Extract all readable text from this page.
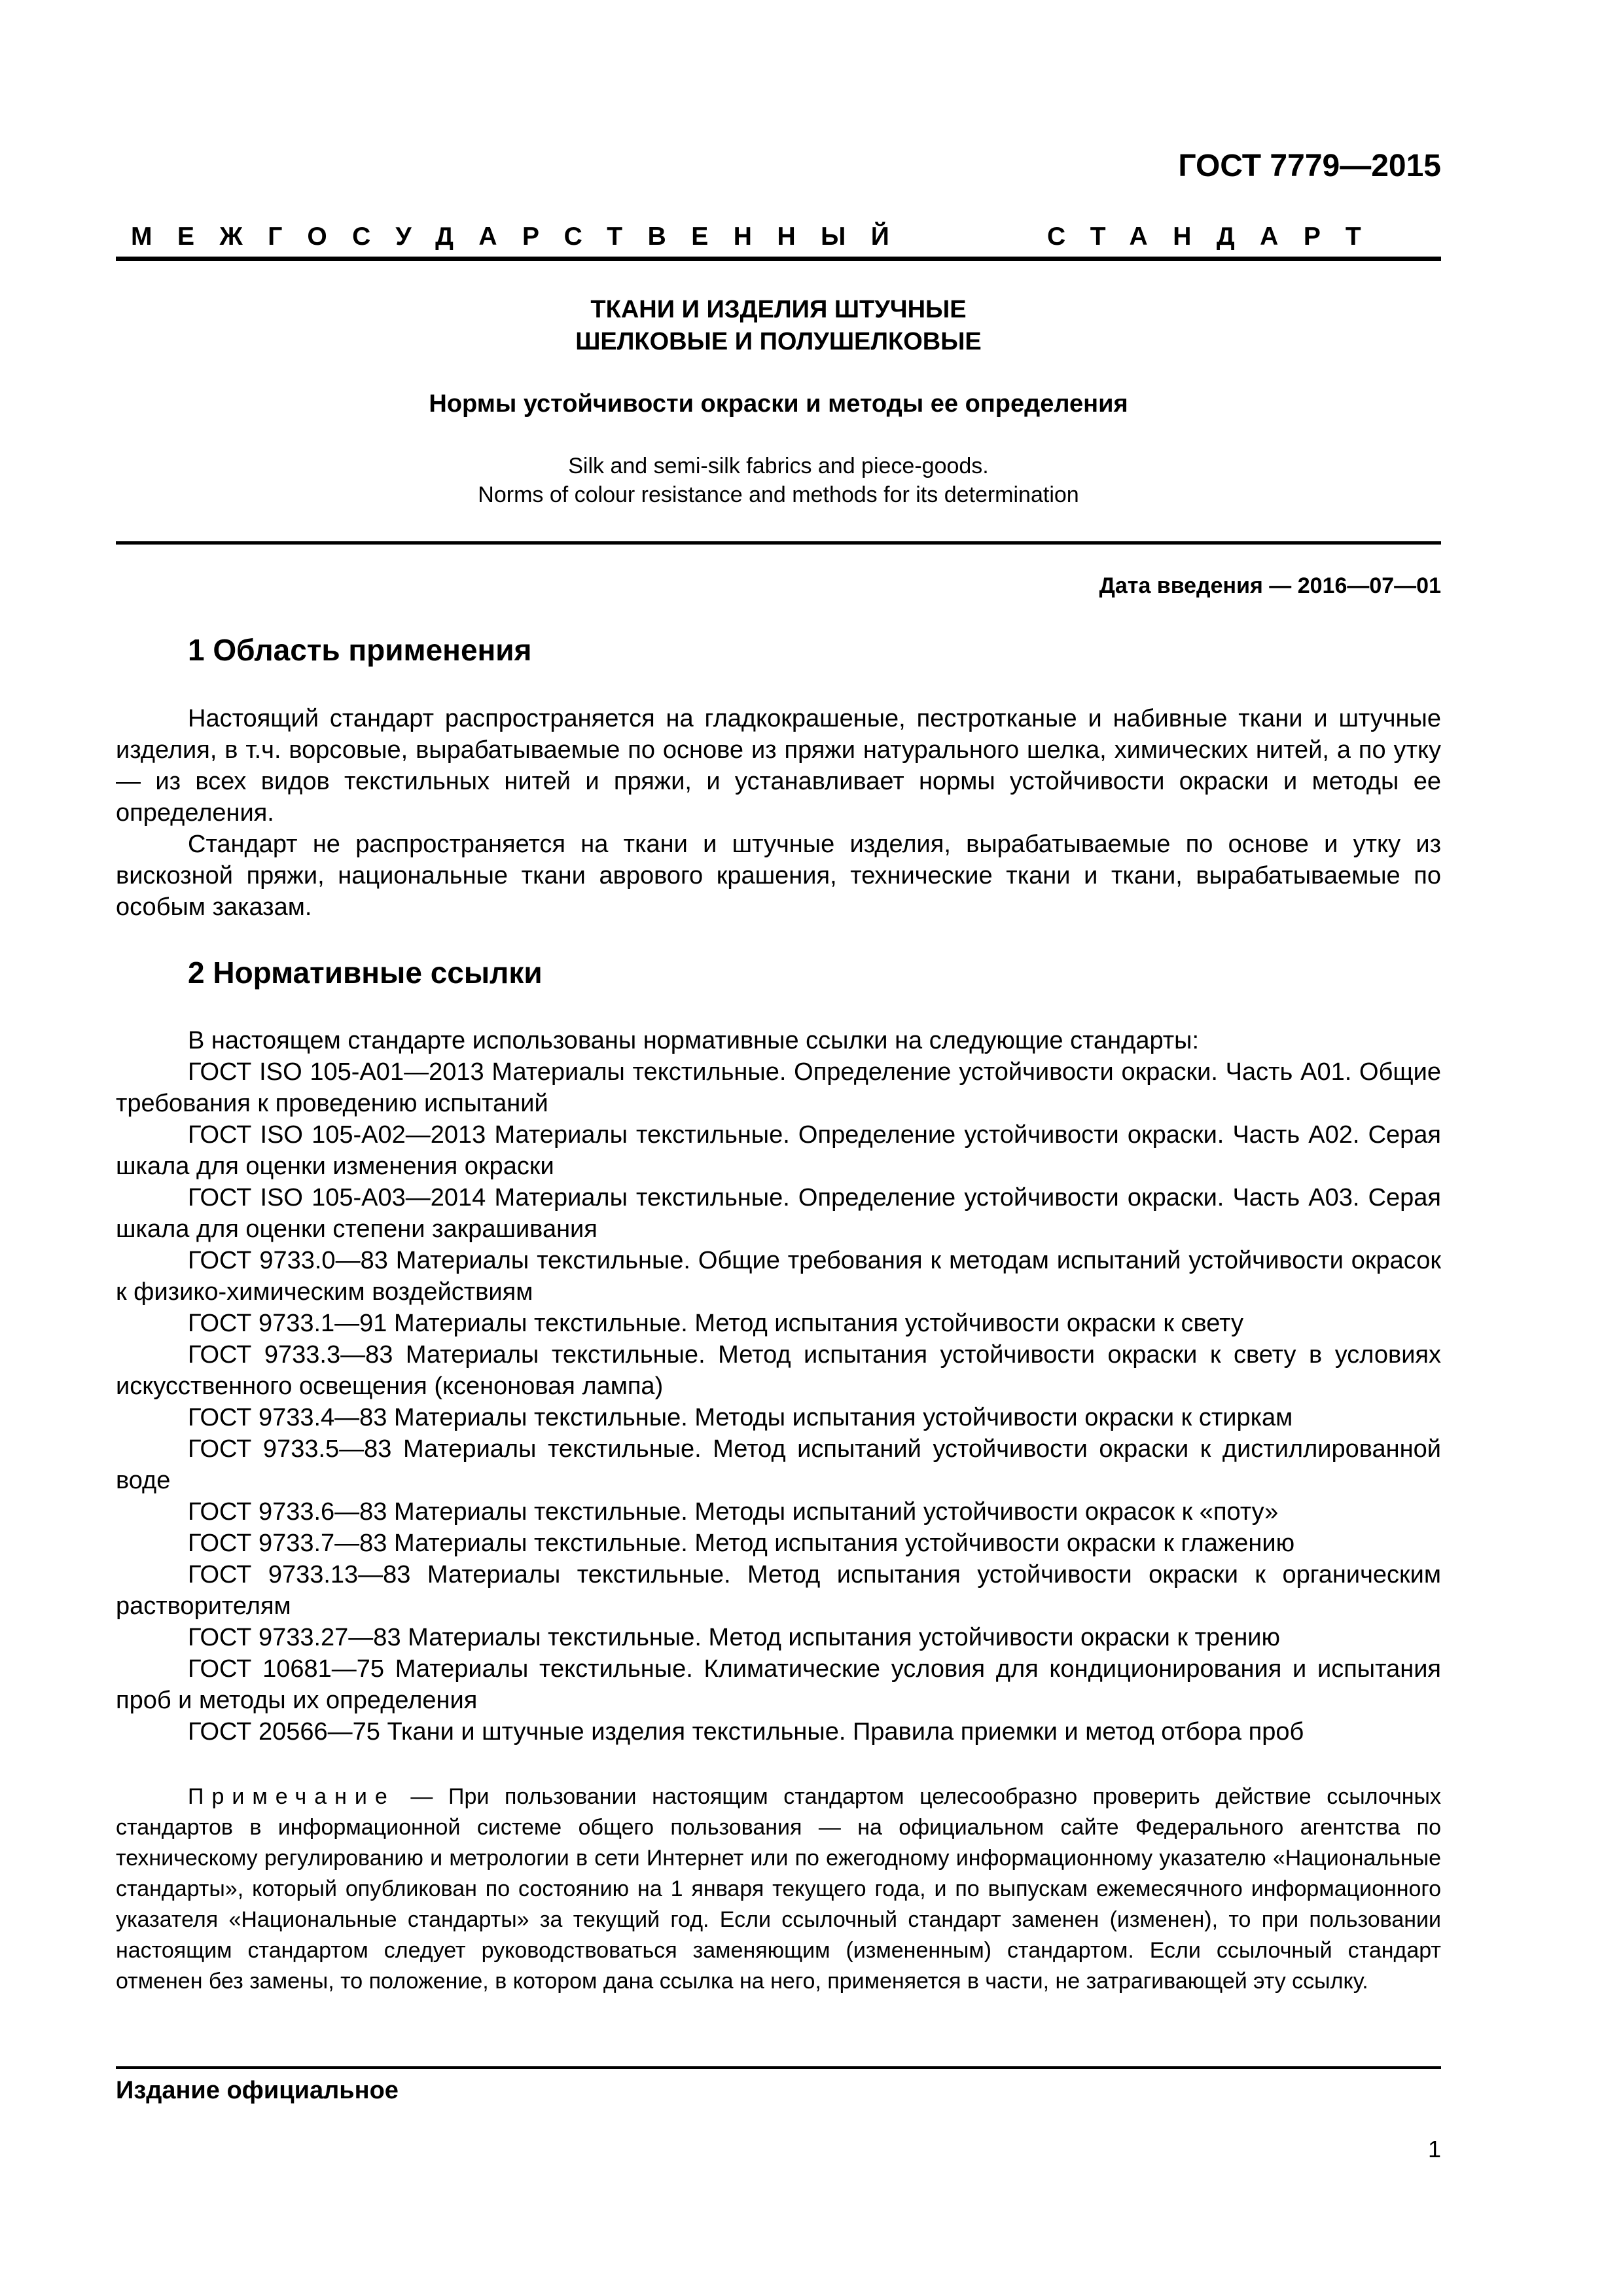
ГОСТ 7779—2015
МЕЖГОСУДАРСТВЕННЫЙ	СТАНДАРТ
ТКАНИ И ИЗДЕЛИЯ ШТУЧНЫЕ
ШЕЛКОВЫЕ И ПОЛУШЕЛКОВЫЕ
Нормы устойчивости окраски и методы ее определения
Silk and semi-silk fabrics and piece-goods.
Norms of colour resistance and methods for its determination
Дата введения — 2016—07—01
1 Область применения
Настоящий стандарт распространяется на гладкокрашеные, пестротканые и набивные ткани и штучные изделия, в т.ч. ворсовые, вырабатываемые по основе из пряжи натурального шелка, химических нитей, а по утку — из всех видов текстильных нитей и пряжи, и устанавливает нормы устойчивости окраски и методы ее определения.
Стандарт не распространяется на ткани и штучные изделия, вырабатываемые по основе и утку из вискозной пряжи, национальные ткани аврового крашения, технические ткани и ткани, вырабатываемые по особым заказам.
2 Нормативные ссылки
В настоящем стандарте использованы нормативные ссылки на следующие стандарты:
ГОСТ ISO 105-A01—2013 Материалы текстильные. Определение устойчивости окраски. Часть А01. Общие требования к проведению испытаний
ГОСТ ISO 105-A02—2013 Материалы текстильные. Определение устойчивости окраски. Часть А02. Серая шкала для оценки изменения окраски
ГОСТ ISO 105-A03—2014 Материалы текстильные. Определение устойчивости окраски. Часть А03. Серая шкала для оценки степени закрашивания
ГОСТ 9733.0—83 Материалы текстильные. Общие требования к методам испытаний устойчивости окрасок к физико-химическим воздействиям
ГОСТ 9733.1—91 Материалы текстильные. Метод испытания устойчивости окраски к свету
ГОСТ 9733.3—83 Материалы текстильные. Метод испытания устойчивости окраски к свету в условиях искусственного освещения (ксеноновая лампа)
ГОСТ 9733.4—83 Материалы текстильные. Методы испытания устойчивости окраски к стиркам
ГОСТ 9733.5—83 Материалы текстильные. Метод испытаний устойчивости окраски к дистиллированной воде
ГОСТ 9733.6—83 Материалы текстильные. Методы испытаний устойчивости окрасок к «поту»
ГОСТ 9733.7—83 Материалы текстильные. Метод испытания устойчивости окраски к глажению
ГОСТ 9733.13—83 Материалы текстильные. Метод испытания устойчивости окраски к органическим растворителям
ГОСТ 9733.27—83 Материалы текстильные. Метод испытания устойчивости окраски к трению
ГОСТ 10681—75 Материалы текстильные. Климатические условия для кондиционирования и испытания проб и методы их определения
ГОСТ 20566—75 Ткани и штучные изделия текстильные. Правила приемки и метод отбора проб
Примечание — При пользовании настоящим стандартом целесообразно проверить действие ссылочных стандартов в информационной системе общего пользования — на официальном сайте Федерального агентства по техническому регулированию и метрологии в сети Интернет или по ежегодному информационному указателю «Национальные стандарты», который опубликован по состоянию на 1 января текущего года, и по выпускам ежемесячного информационного указателя «Национальные стандарты» за текущий год. Если ссылочный стандарт заменен (изменен), то при пользовании настоящим стандартом следует руководствоваться заменяющим (измененным) стандартом. Если ссылочный стандарт отменен без замены, то положение, в котором дана ссылка на него, применяется в части, не затрагивающей эту ссылку.
Издание официальное
1
